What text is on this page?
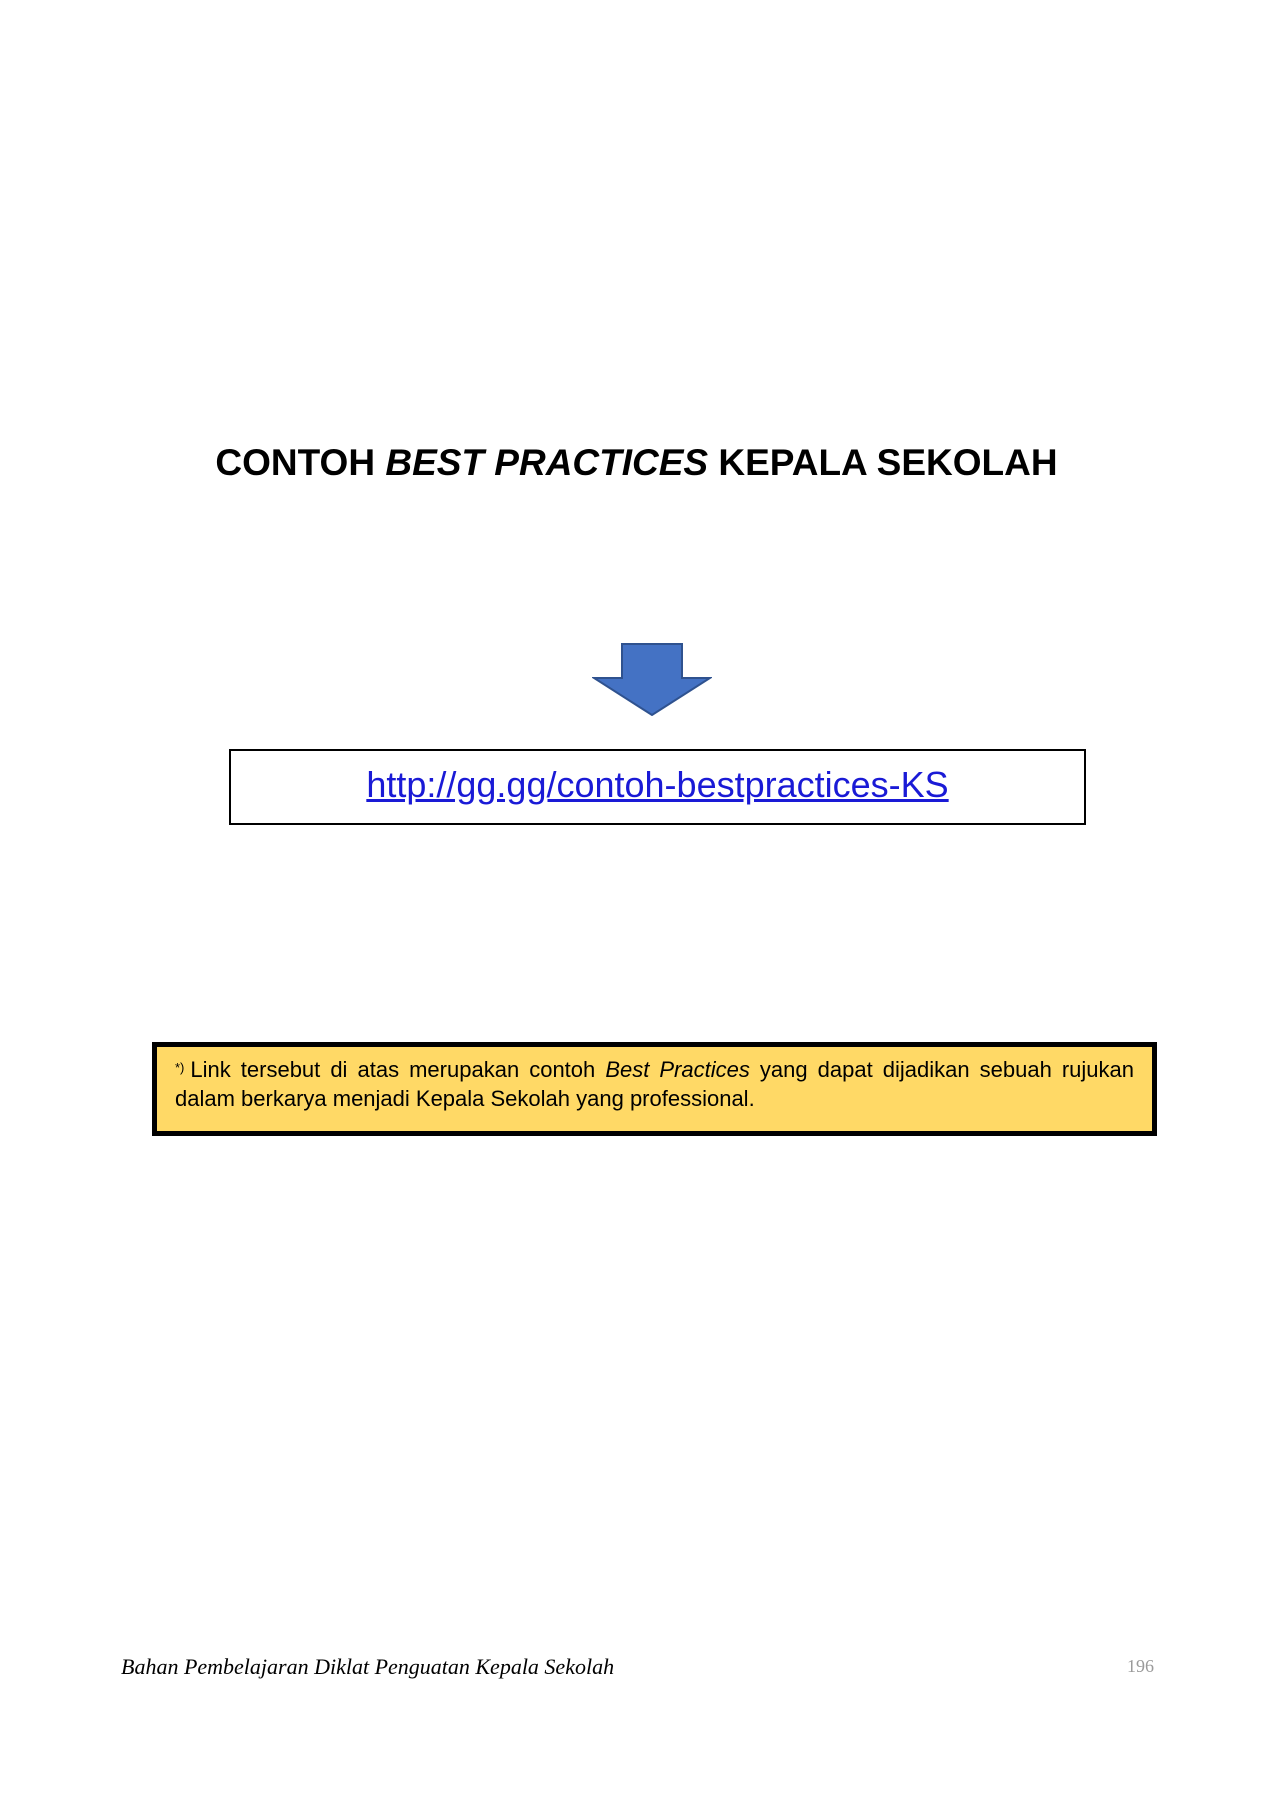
CONTOH BEST PRACTICES KEPALA SEKOLAH
http://gg.gg/contoh-bestpractices-KS
*) Link tersebut di atas merupakan contoh Best Practices yang dapat dijadikan sebuah rujukan dalam berkarya menjadi Kepala Sekolah yang professional.
Bahan Pembelajaran Diklat Penguatan Kepala Sekolah	196
